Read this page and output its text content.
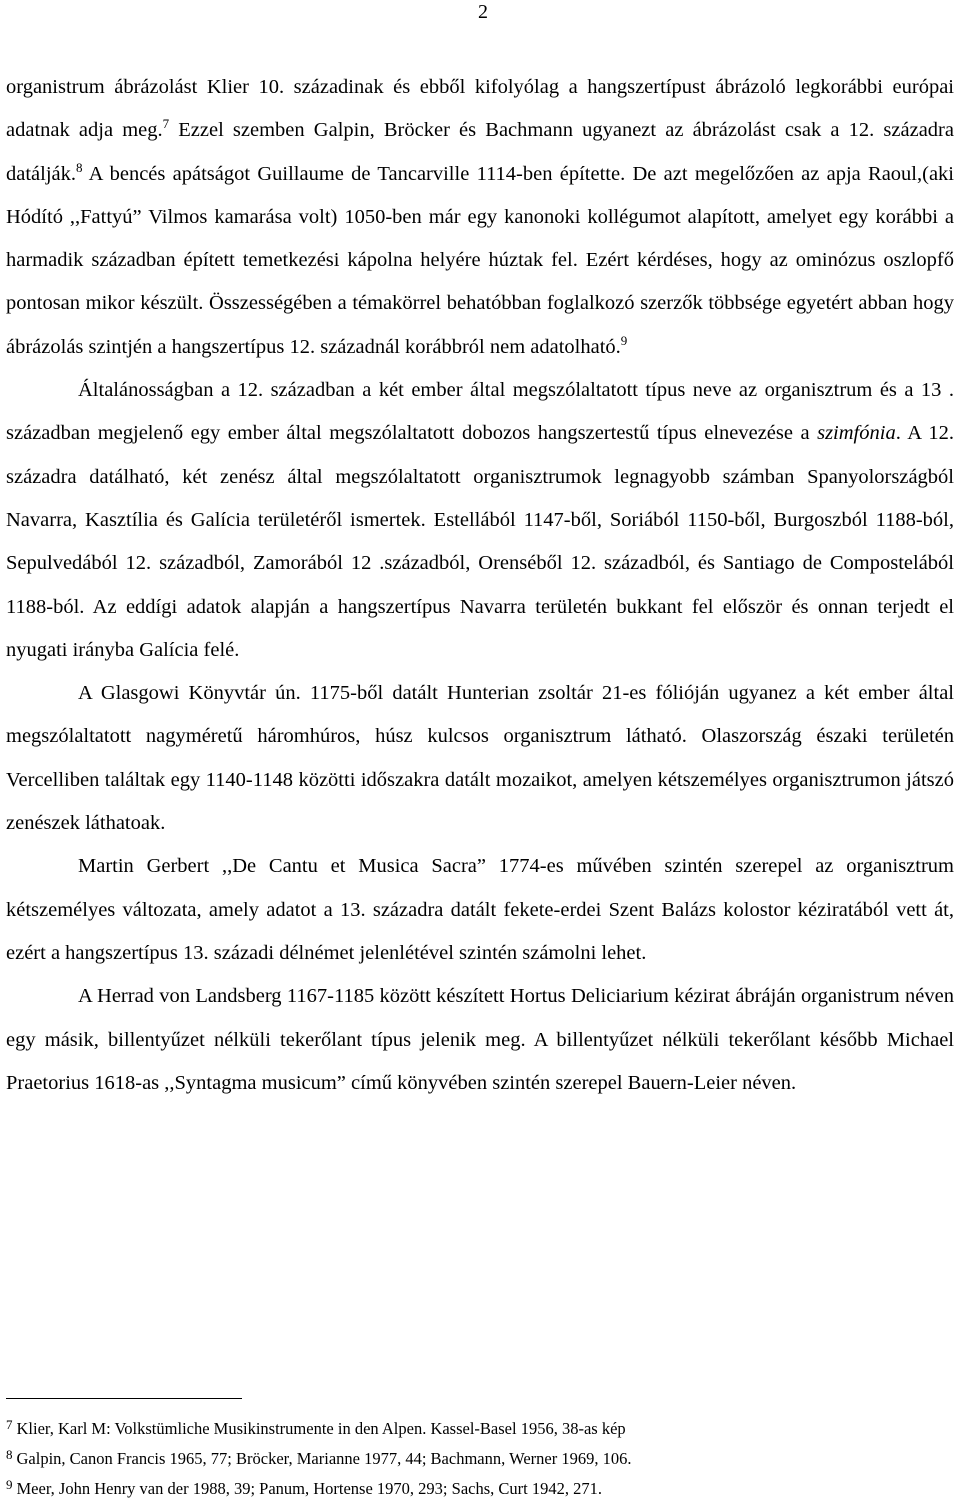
2

organistrum ábrázolást Klier 10. századinak és ebből kifolyólag a hangszertípust ábrázoló legkorábbi európai adatnak adja meg.$^7$ Ezzel szemben Galpin, Bröcker és Bachmann ugyanezt az ábrázolást csak a 12. századra datálják.$^8$ A bencés apátságot Guillaume de Tancarville 1114-ben építette. De azt megelőzően az apja Raoul,(aki Hódító ,,Fattyú” Vilmos kamarása volt) 1050-ben már egy kanonoki kollégumot alapított, amelyet egy korábbi a harmadik században épített temetkezési kápolna helyére húztak fel. Ezért kérdéses, hogy az ominózus oszlopfő pontosan mikor készült. Összességében a témakörrel behatóbban foglalkozó szerzők többsége egyetért abban hogy ábrázolás szintjén a hangszertípus 12. századnál korábbról nem adatolható.$^9$

Általánosságban a 12. században a két ember által megszólaltatott típus neve az organisztrum és a 13 . században megjelenő egy ember által megszólaltatott dobozos hangszertestű típus elnevezése a szimfónia. A 12. századra datálható, két zenész által megszólaltatott organisztrumok legnagyobb számban Spanyolországból Navarra, Kasztília és Galícia területéről ismertek. Estellából 1147-ből, Soriából 1150-ből, Burgoszból 1188-ból, Sepulvedából 12. századból, Zamorából 12 .századból, Orenséből 12. századból, és Santiago de Compostelából 1188-ból. Az eddígi adatok alapján a hangszertípus Navarra területén bukkant fel először és onnan terjedt el nyugati irányba Galícia felé.

A Glasgowi Könyvtár ún. 1175-ből datált Hunterian zsoltár 21-es fólióján ugyanez a két ember által megszólaltatott nagyméretű háromhúros, húsz kulcsos organisztrum látható. Olaszország északi területén Vercelliben találtak egy 1140-1148 közötti időszakra datált mozaikot, amelyen kétszemélyes organisztrumon játszó zenészek láthatoak.

Martin Gerbert ,,De Cantu et Musica Sacra” 1774-es művében szintén szerepel az organisztrum kétszemélyes változata, amely adatot a 13. századra datált fekete-erdei Szent Balázs kolostor kéziratából vett át, ezért a hangszertípus 13. századi délnémet jelenlétével szintén számolni lehet.

A Herrad von Landsberg 1167-1185 között készített Hortus Deliciarium kézirat ábráján organistrum néven egy másik, billentyűzet nélküli tekerőlant típus jelenik meg. A billentyűzet nélküli tekerőlant később Michael Praetorius 1618-as ,,Syntagma musicum” című könyvében szintén szerepel Bauern-Leier néven.

$^7$ Klier, Karl M: Volkstümliche Musikinstrumente in den Alpen. Kassel-Basel 1956, 38-as kép
$^8$ Galpin, Canon Francis 1965, 77; Bröcker, Marianne 1977, 44; Bachmann, Werner 1969, 106.
$^9$ Meer, John Henry van der 1988, 39; Panum, Hortense 1970, 293; Sachs, Curt 1942, 271.
